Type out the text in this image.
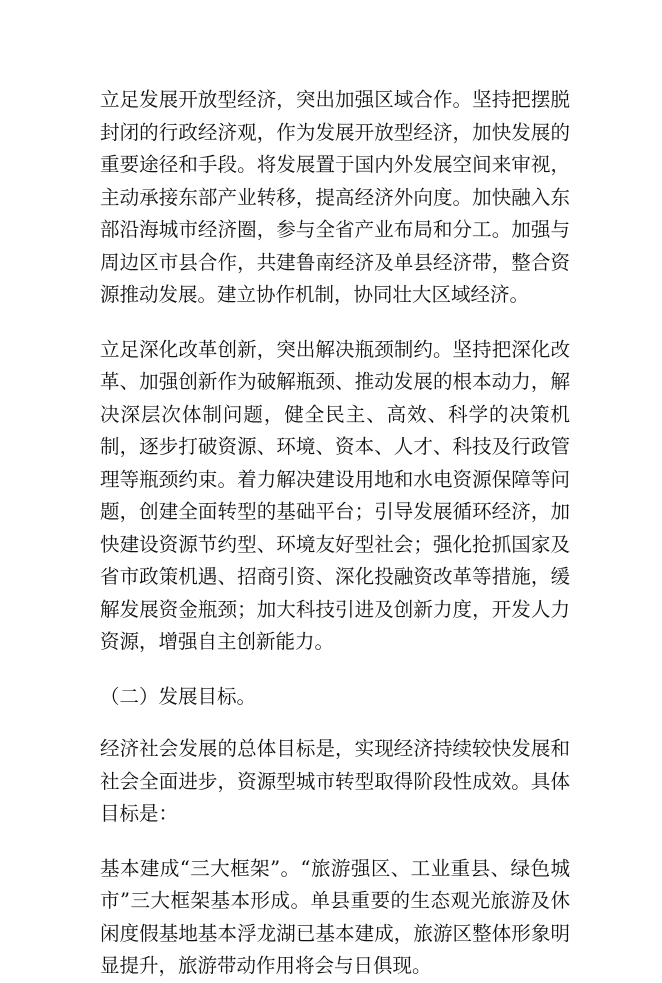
立足发展开放型经济，突出加强区域合作。坚持把摆脱封闭的行政经济观，作为发展开放型经济，加快发展的重要途径和手段。将发展置于国内外发展空间来审视，主动承接东部产业转移，提高经济外向度。加快融入东部沿海城市经济圈，参与全省产业布局和分工。加强与周边区市县合作，共建鲁南经济及单县经济带，整合资源推动发展。建立协作机制，协同壮大区域经济。

立足深化改革创新，突出解决瓶颈制约。坚持把深化改革、加强创新作为破解瓶颈、推动发展的根本动力，解决深层次体制问题，健全民主、高效、科学的决策机制，逐步打破资源、环境、资本、人才、科技及行政管理等瓶颈约束。着力解决建设用地和水电资源保障等问题，创建全面转型的基础平台；引导发展循环经济，加快建设资源节约型、环境友好型社会；强化抢抓国家及省市政策机遇、招商引资、深化投融资改革等措施，缓解发展资金瓶颈；加大科技引进及创新力度，开发人力资源，增强自主创新能力。

（二）发展目标。

经济社会发展的总体目标是，实现经济持续较快发展和社会全面进步，资源型城市转型取得阶段性成效。具体目标是：

基本建成“三大框架”。“旅游强区、工业重县、绿色城市”三大框架基本形成。单县重要的生态观光旅游及休闲度假基地基本浮龙湖已基本建成，旅游区整体形象明显提升，旅游带动作用将会与日俱现。
